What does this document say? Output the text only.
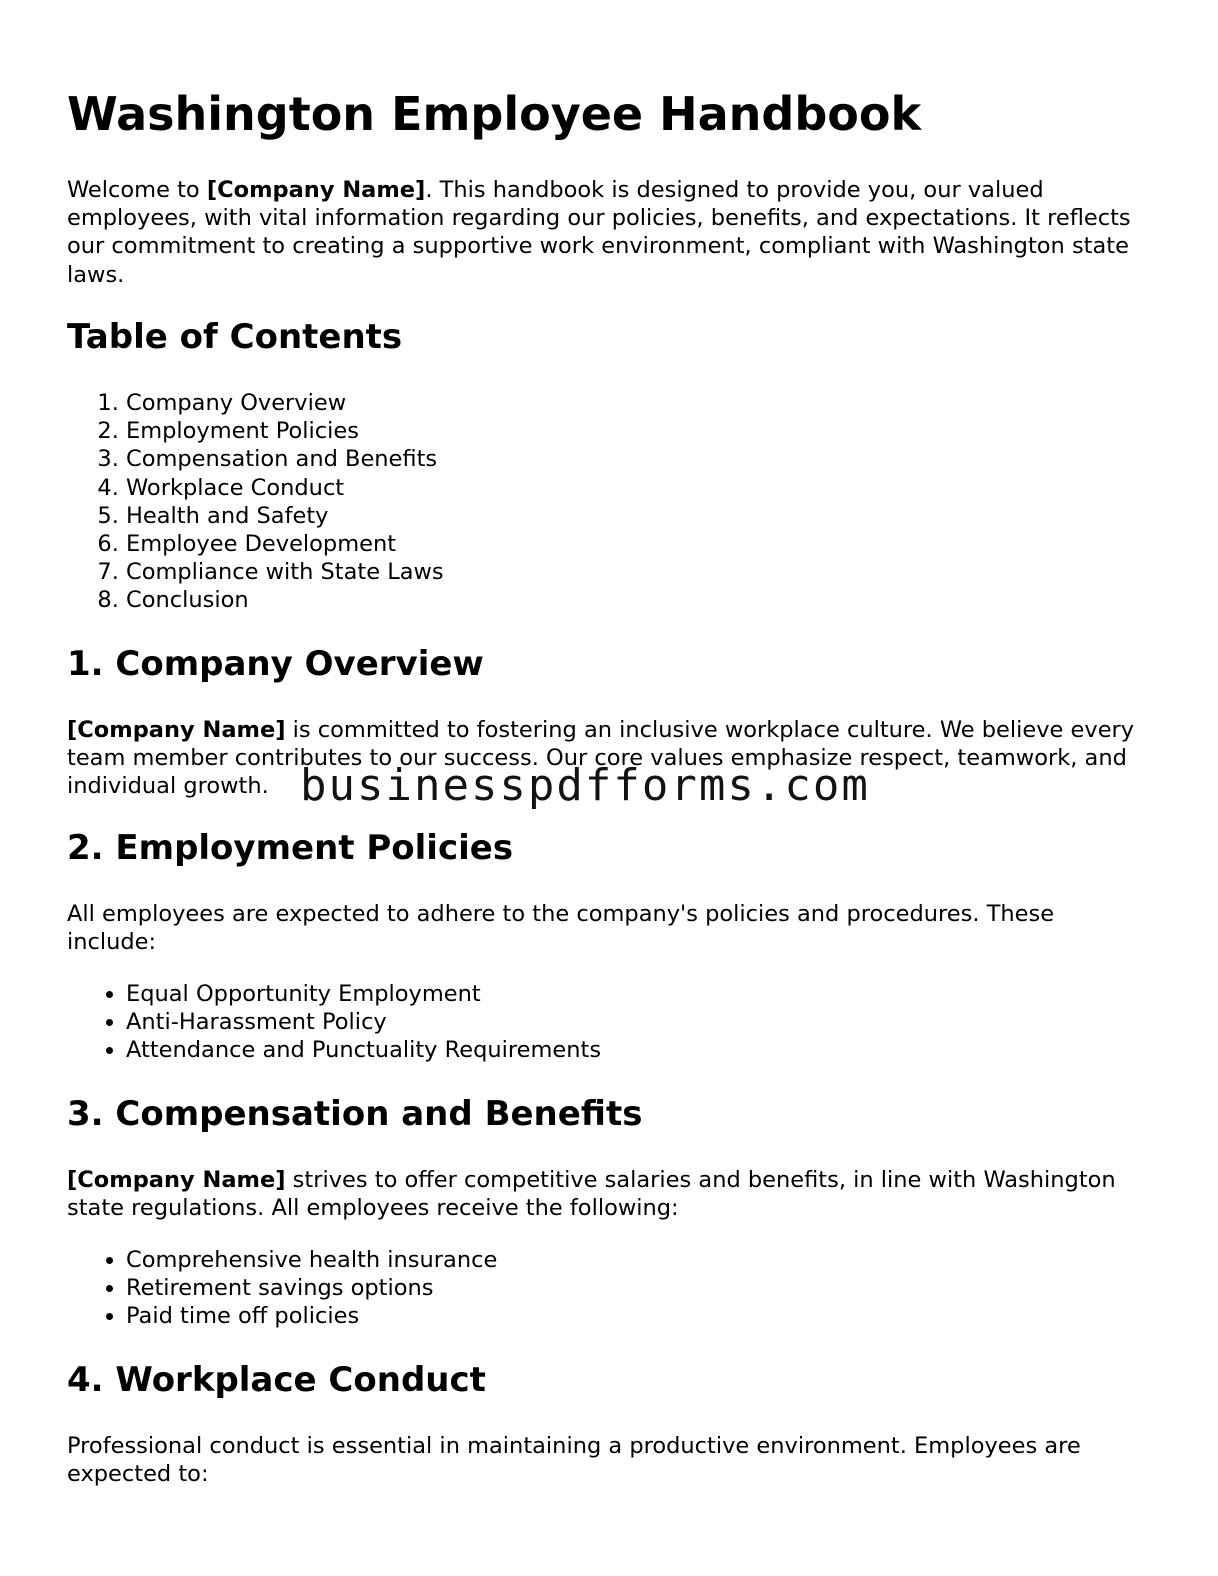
Washington Employee Handbook

Welcome to [Company Name]. This handbook is designed to provide you, our valued employees, with vital information regarding our policies, benefits, and expectations. It reflects our commitment to creating a supportive work environment, compliant with Washington state laws.

Table of Contents
1. Company Overview
2. Employment Policies
3. Compensation and Benefits
4. Workplace Conduct
5. Health and Safety
6. Employee Development
7. Compliance with State Laws
8. Conclusion
1. Company Overview

[Company Name] is committed to fostering an inclusive workplace culture. We believe every team member contributes to our success. Our core values emphasize respect, teamwork, and individual growth.

2. Employment Policies

All employees are expected to adhere to the company's policies and procedures. These include:

• Equal Opportunity Employment
• Anti-Harassment Policy
• Attendance and Punctuality Requirements
3. Compensation and Benefits

[Company Name] strives to offer competitive salaries and benefits, in line with Washington state regulations. All employees receive the following:

• Comprehensive health insurance
• Retirement savings options
• Paid time off policies
4. Workplace Conduct

Professional conduct is essential in maintaining a productive environment. Employees are expected to:

businesspdfforms.com
